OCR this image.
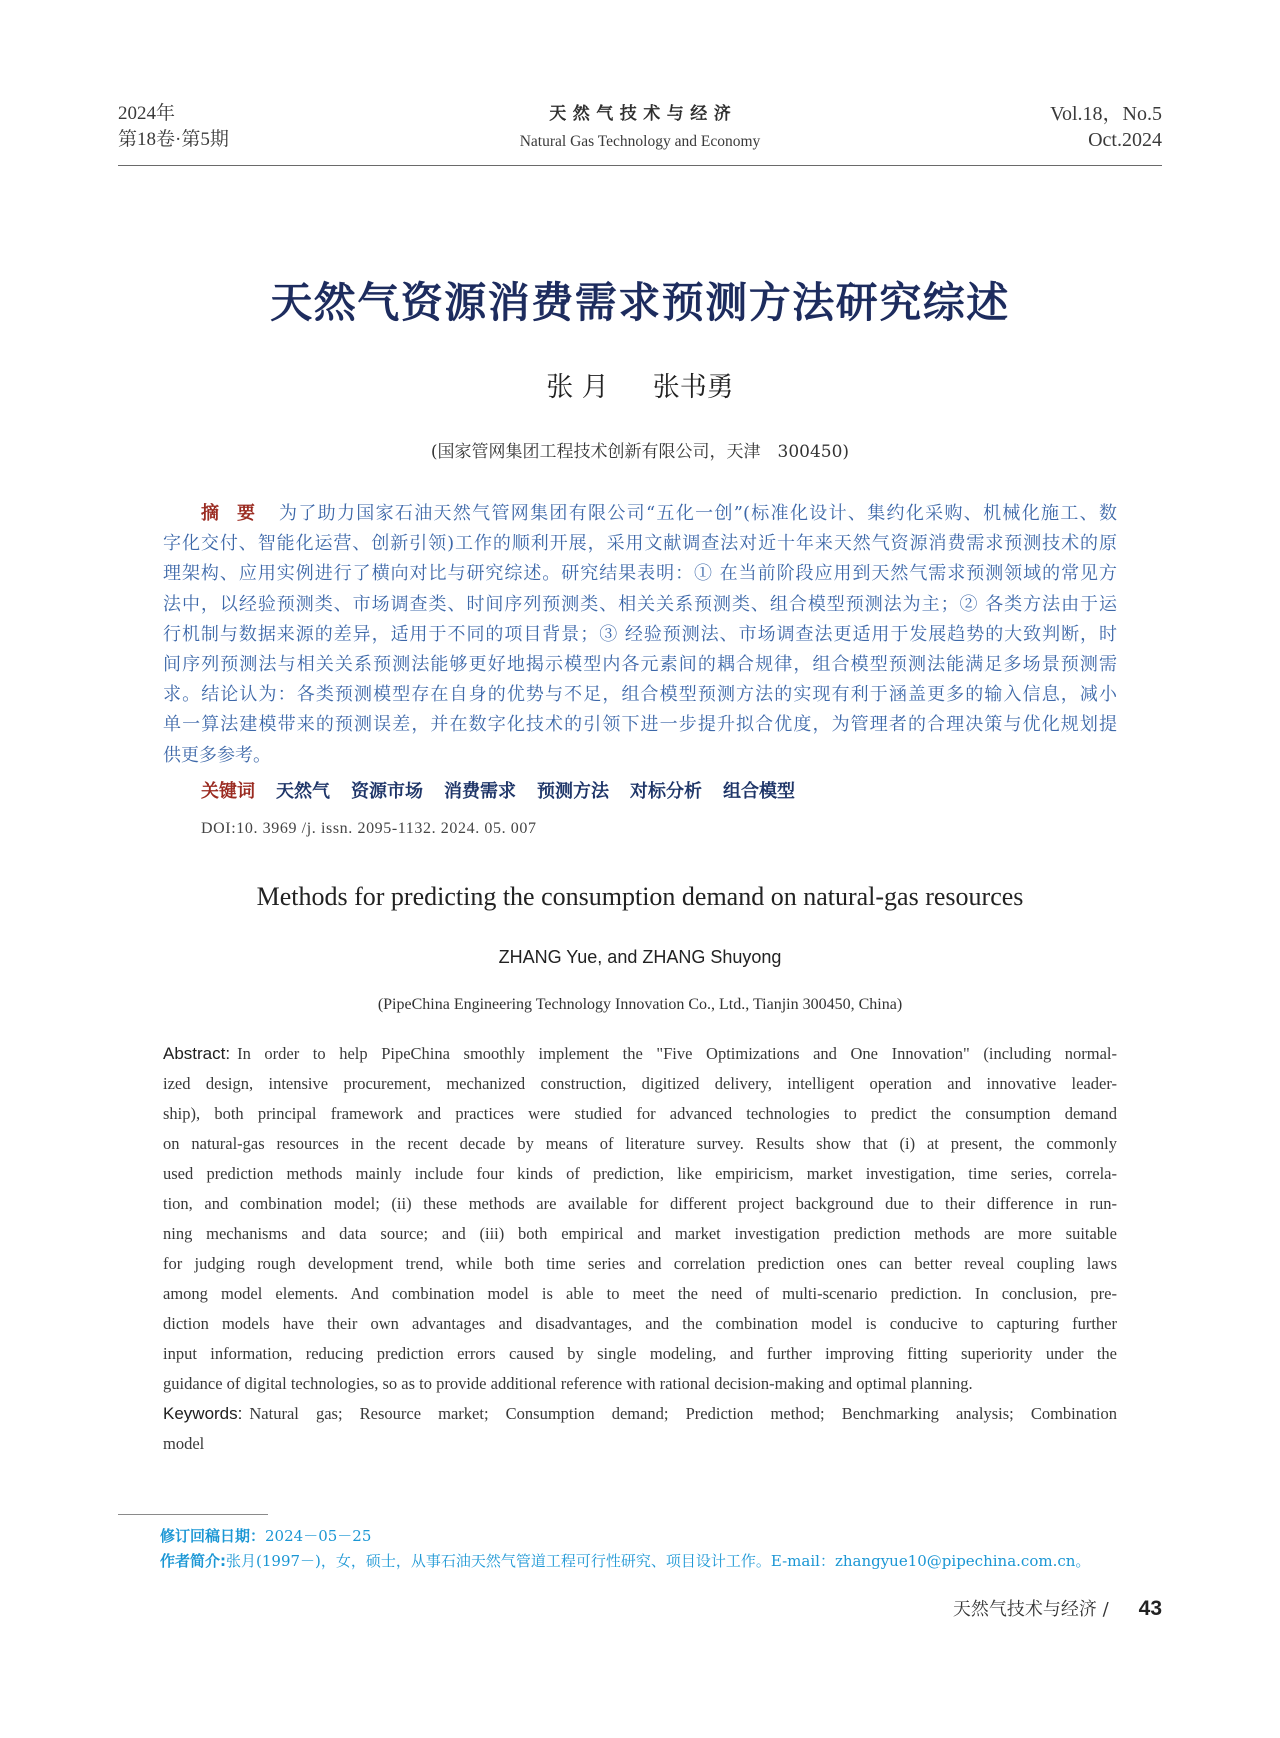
2024年
第18卷·第5期
天然气技术与经济
Natural Gas Technology and Economy
Vol.18，No.5
Oct.2024
天然气资源消费需求预测方法研究综述
张 月 张书勇
(国家管网集团工程技术创新有限公司，天津　300450)
摘　要	为了助力国家石油天然气管网集团有限公司“五化一创”(标准化设计、集约化采购、机械化施工、数
字化交付、智能化运营、创新引领)工作的顺利开展，采用文献调查法对近十年来天然气资源消费需求预测技术的原
理架构、应用实例进行了横向对比与研究综述。研究结果表明：① 在当前阶段应用到天然气需求预测领域的常见方
法中，以经验预测类、市场调查类、时间序列预测类、相关关系预测类、组合模型预测法为主；② 各类方法由于运
行机制与数据来源的差异，适用于不同的项目背景；③ 经验预测法、市场调查法更适用于发展趋势的大致判断，时
间序列预测法与相关关系预测法能够更好地揭示模型内各元素间的耦合规律，组合模型预测法能满足多场景预测需
求。结论认为：各类预测模型存在自身的优势与不足，组合模型预测方法的实现有利于涵盖更多的输入信息，减小
单一算法建模带来的预测误差，并在数字化技术的引领下进一步提升拟合优度，为管理者的合理决策与优化规划提
供更多参考。
关键词 天然气 资源市场 消费需求 预测方法 对标分析 组合模型
DOI:10. 3969 /j. issn. 2095-1132. 2024. 05. 007
Methods for predicting the consumption demand on natural-gas resources
ZHANG Yue, and ZHANG Shuyong
(PipeChina Engineering Technology Innovation Co., Ltd., Tianjin 300450, China)
Abstract: In order to help PipeChina smoothly implement the "Five Optimizations and One Innovation" (including normal-
ized design, intensive procurement, mechanized construction, digitized delivery, intelligent operation and innovative leader-
ship), both principal framework and practices were studied for advanced technologies to predict the consumption demand
on natural-gas resources in the recent decade by means of literature survey. Results show that (i) at present, the commonly
used prediction methods mainly include four kinds of prediction, like empiricism, market investigation, time series, correla-
tion, and combination model; (ii) these methods are available for different project background due to their difference in run-
ning mechanisms and data source; and (iii) both empirical and market investigation prediction methods are more suitable
for judging rough development trend, while both time series and correlation prediction ones can better reveal coupling laws
among model elements. And combination model is able to meet the need of multi-scenario prediction. In conclusion, pre-
diction models have their own advantages and disadvantages, and the combination model is conducive to capturing further
input information, reducing prediction errors caused by single modeling, and further improving fitting superiority under the
guidance of digital technologies, so as to provide additional reference with rational decision-making and optimal planning.
Keywords: Natural gas; Resource market; Consumption demand; Prediction method; Benchmarking analysis; Combination
model
修订回稿日期：2024－05－25
作者简介:张月(1997－)，女，硕士，从事石油天然气管道工程可行性研究、项目设计工作。E-mail：zhangyue10@pipechina.com.cn。
天然气技术与经济 / 43
